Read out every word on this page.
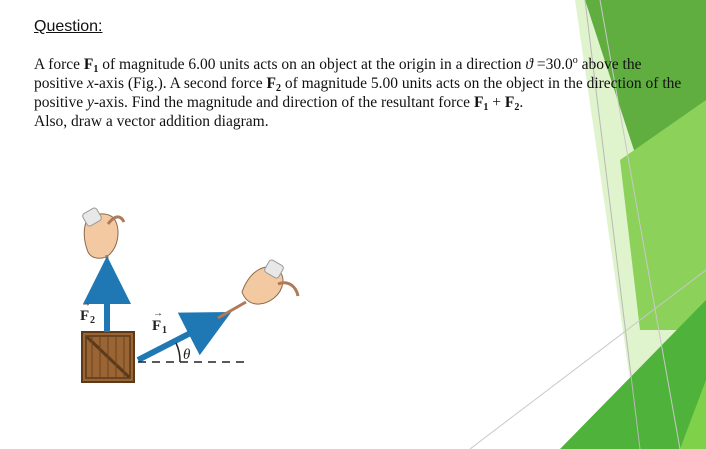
Question:
A force $F_1$ of magnitude 6.00 units acts on an object at the origin in a direction $ϑ =30.0^o$ above the positive x-axis (Fig.). A second force $F_2$ of magnitude 5.00 units acts on the object in the direction of the positive y-axis. Find the magnitude and direction of the resultant force $F_1 + F_2$.
Also, draw a vector addition diagram.
F 2
→
F 1
→
θ
